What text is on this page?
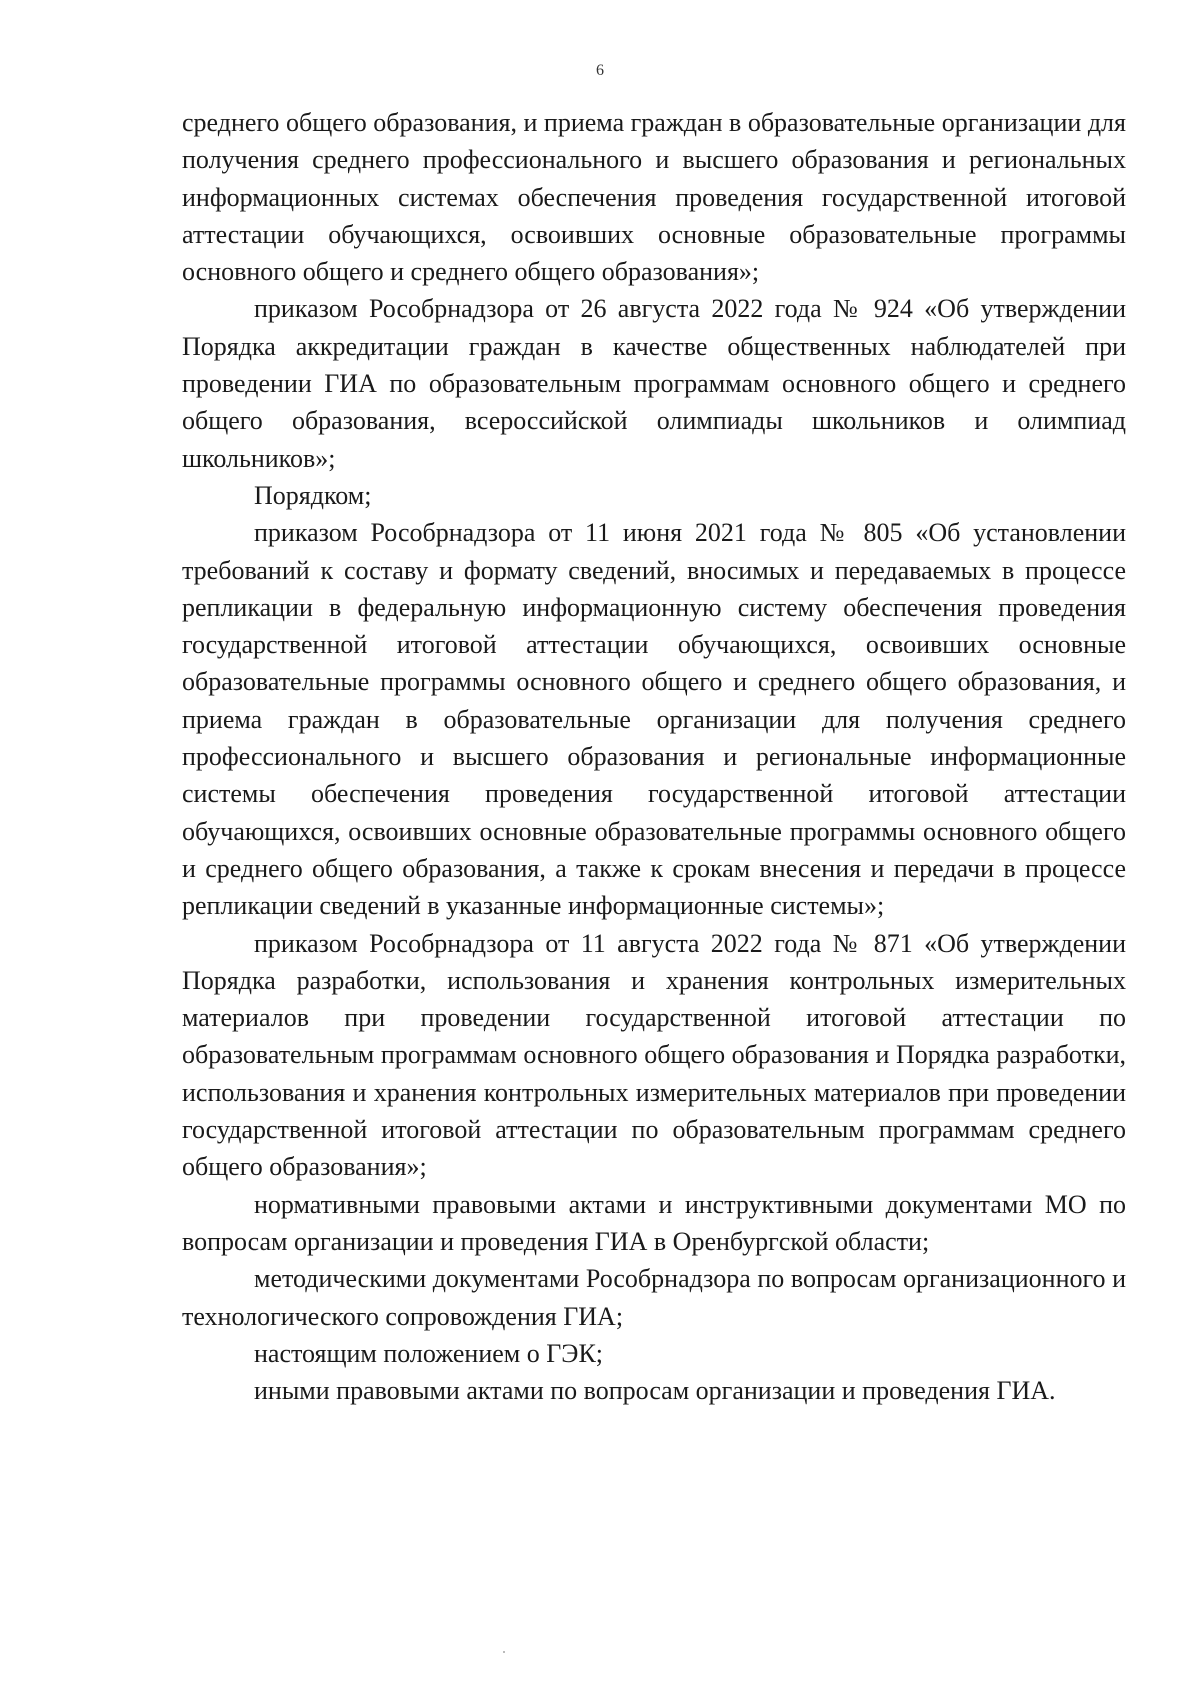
6

среднего общего образования, и приема граждан в образовательные организации для получения среднего профессионального и высшего образования и региональных информационных системах обеспечения проведения государственной итоговой аттестации обучающихся, освоивших основные образовательные программы основного общего и среднего общего образования»;

приказом Рособрнадзора от 26 августа 2022 года № 924 «Об утверждении Порядка аккредитации граждан в качестве общественных наблюдателей при проведении ГИА по образовательным программам основного общего и среднего общего образования, всероссийской олимпиады школьников и олимпиад школьников»;

Порядком;

приказом Рособрнадзора от 11 июня 2021 года № 805 «Об установлении требований к составу и формату сведений, вносимых и передаваемых в процессе репликации в федеральную информационную систему обеспечения проведения государственной итоговой аттестации обучающихся, освоивших основные образовательные программы основного общего и среднего общего образования, и приема граждан в образовательные организации для получения среднего профессионального и высшего образования и региональные информационные системы обеспечения проведения государственной итоговой аттестации обучающихся, освоивших основные образовательные программы основного общего и среднего общего образования, а также к срокам внесения и передачи в процессе репликации сведений в указанные информационные системы»;

приказом Рособрнадзора от 11 августа 2022 года № 871 «Об утверждении Порядка разработки, использования и хранения контрольных измерительных материалов при проведении государственной итоговой аттестации по образовательным программам основного общего образования и Порядка разработки, использования и хранения контрольных измерительных материалов при проведении государственной итоговой аттестации по образовательным программам среднего общего образования»;

нормативными правовыми актами и инструктивными документами МО по вопросам организации и проведения ГИА в Оренбургской области;

методическими документами Рособрнадзора по вопросам организационного и технологического сопровождения ГИА;

настоящим положением о ГЭК;

иными правовыми актами по вопросам организации и проведения ГИА.
